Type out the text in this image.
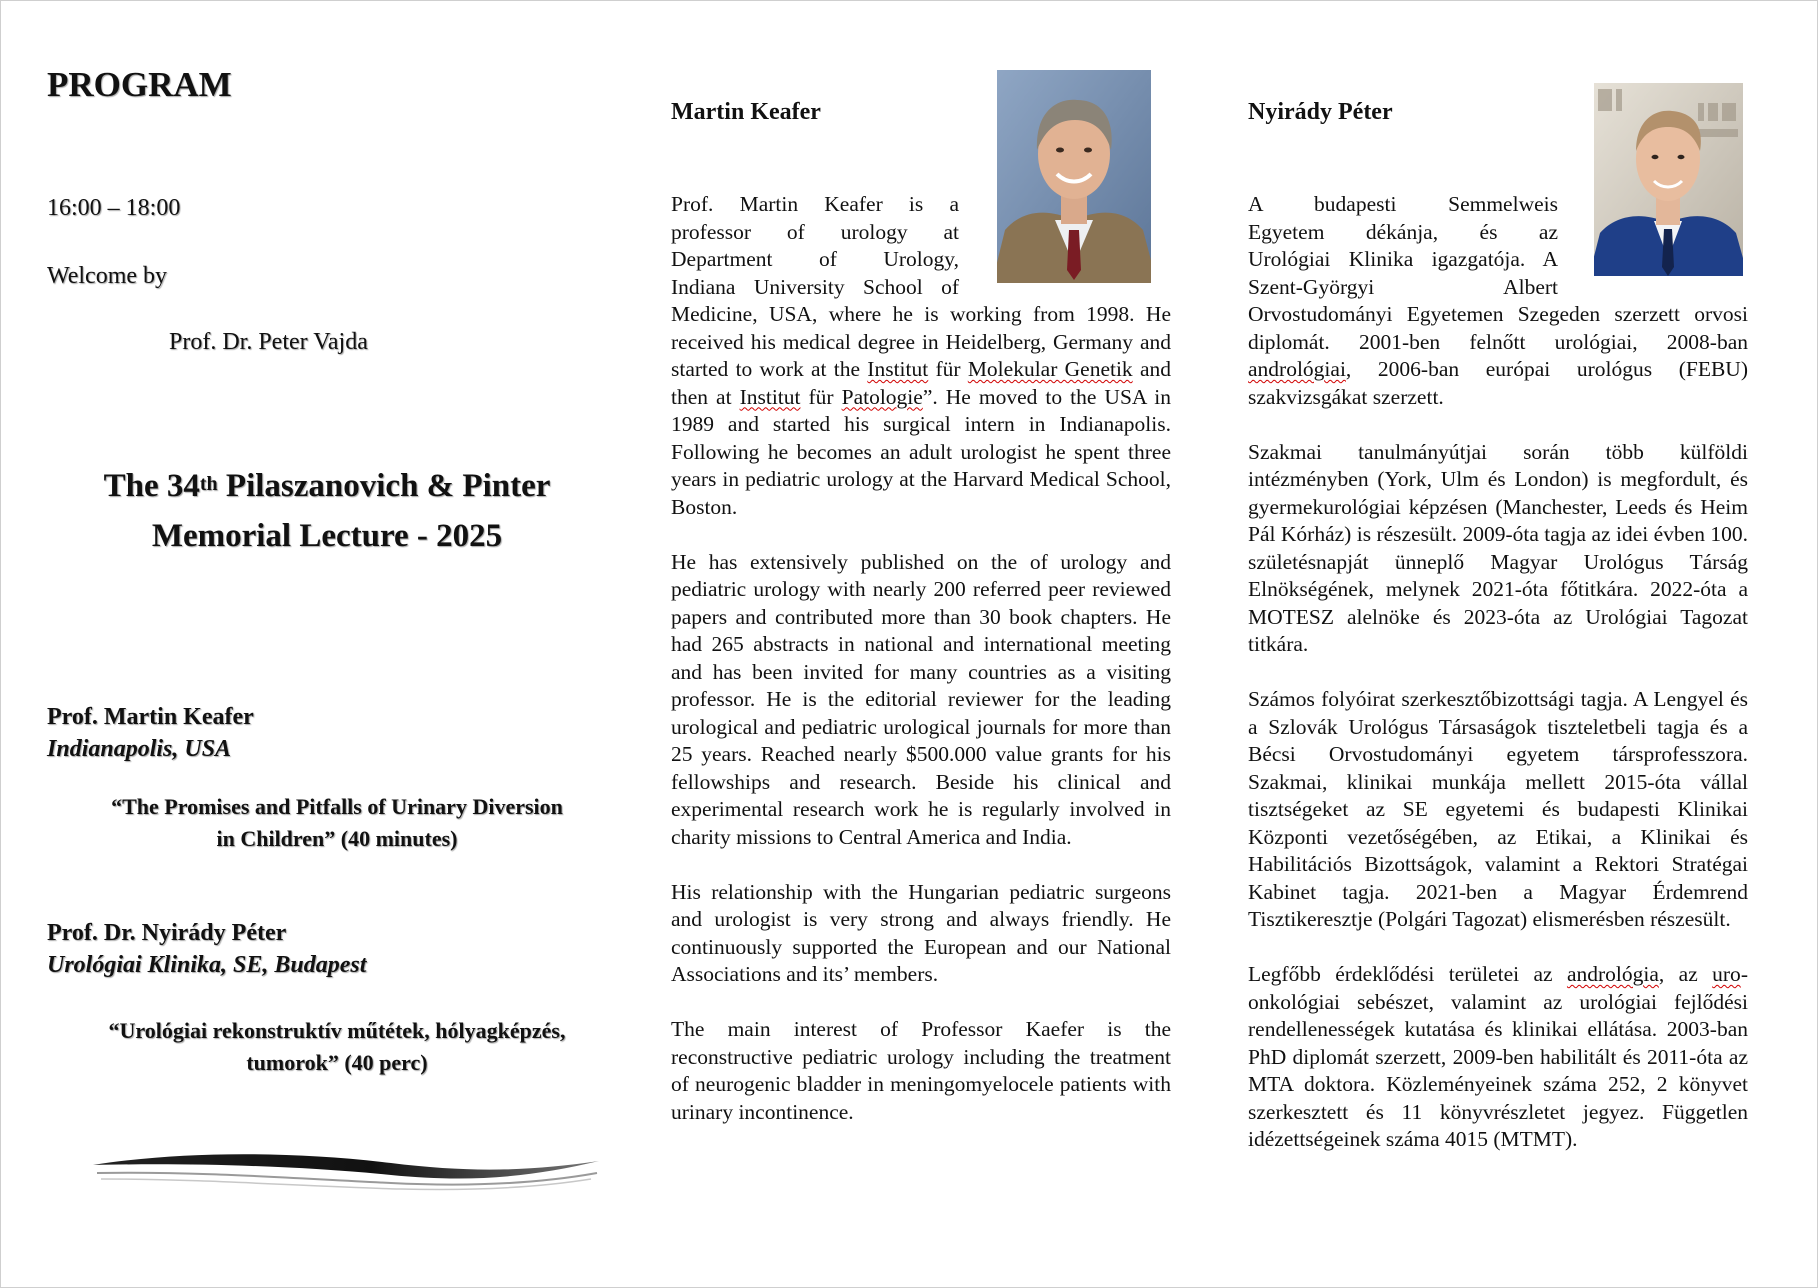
PROGRAM
16:00 – 18:00
Welcome by
Prof. Dr. Peter Vajda
The 34th Pilaszanovich & Pinter
Memorial Lecture - 2025
Prof. Martin Keafer
Indianapolis, USA
“The Promises and Pitfalls of Urinary Diversion
in Children” (40 minutes)
Prof. Dr. Nyirády Péter
Urológiai Klinika, SE, Budapest
“Urológiai rekonstruktív műtétek, hólyagképzés,
tumorok” (40 perc)
Martin Keafer
Prof. Martin Keafer is a
professor of urology at
Department of Urology,
Indiana University School of

Medicine, USA, where he is working from 1998. He received his medical degree in Heidelberg, Germany and started to work at the Institut für Molekular Genetik and then at Institut für Patologie”. He moved to the USA in 1989 and started his surgical intern in Indianapolis. Following he becomes an adult urologist he spent three years in pediatric urology at the Harvard Medical School, Boston.

He has extensively published on the of urology and pediatric urology with nearly 200 referred peer reviewed papers and contributed more than 30 book chapters. He had 265 abstracts in national and international meeting and has been invited for many countries as a visiting professor. He is the editorial reviewer for the leading urological and pediatric urological journals for more than 25 years. Reached nearly $500.000 value grants for his fellowships and research. Beside his clinical and experimental research work he is regularly involved in charity missions to Central America and India.

His relationship with the Hungarian pediatric surgeons and urologist is very strong and always friendly. He continuously supported the European and our National Associations and its’ members.

The main interest of Professor Kaefer is the reconstructive pediatric urology including the treatment of neurogenic bladder in meningomyelocele patients with urinary incontinence.

Nyirády Péter
A budapesti Semmelweis
Egyetem dékánja, és az
Urológiai Klinika igazgatója. A
Szent-Györgyi Albert

Orvostudományi Egyetemen Szegeden szerzett orvosi diplomát. 2001-ben felnőtt urológiai, 2008-ban andrológiai, 2006-ban európai urológus (FEBU) szakvizsgákat szerzett.

Szakmai tanulmányútjai során több külföldi intézményben (York, Ulm és London) is megfordult, és gyermekurológiai képzésen (Manchester, Leeds és Heim Pál Kórház) is részesült. 2009-óta tagja az idei évben 100. születésnapját ünneplő Magyar Urológus Társág Elnökségének, melynek 2021-óta főtitkára. 2022-óta a MOTESZ alelnöke és 2023-óta az Urológiai Tagozat titkára.

Számos folyóirat szerkesztőbizottsági tagja. A Lengyel és a Szlovák Urológus Társaságok tiszteletbeli tagja és a Bécsi Orvostudományi egyetem társprofesszora. Szakmai, klinikai munkája mellett 2015-óta vállal tisztségeket az SE egyetemi és budapesti Klinikai Központi vezetőségében, az Etikai, a Klinikai és Habilitációs Bizottságok, valamint a Rektori Stratégai Kabinet tagja. 2021-ben a Magyar Érdemrend Tisztikeresztje (Polgári Tagozat) elismerésben részesült.

Legfőbb érdeklődési területei az andrológia, az uro-onkológiai sebészet, valamint az urológiai fejlődési rendellenességek kutatása és klinikai ellátása. 2003-ban PhD diplomát szerzett, 2009-ben habilitált és 2011-óta az MTA doktora. Közleményeinek száma 252, 2 könyvet szerkesztett és 11 könyvrészletet jegyez. Független idézettségeinek száma 4015 (MTMT).
